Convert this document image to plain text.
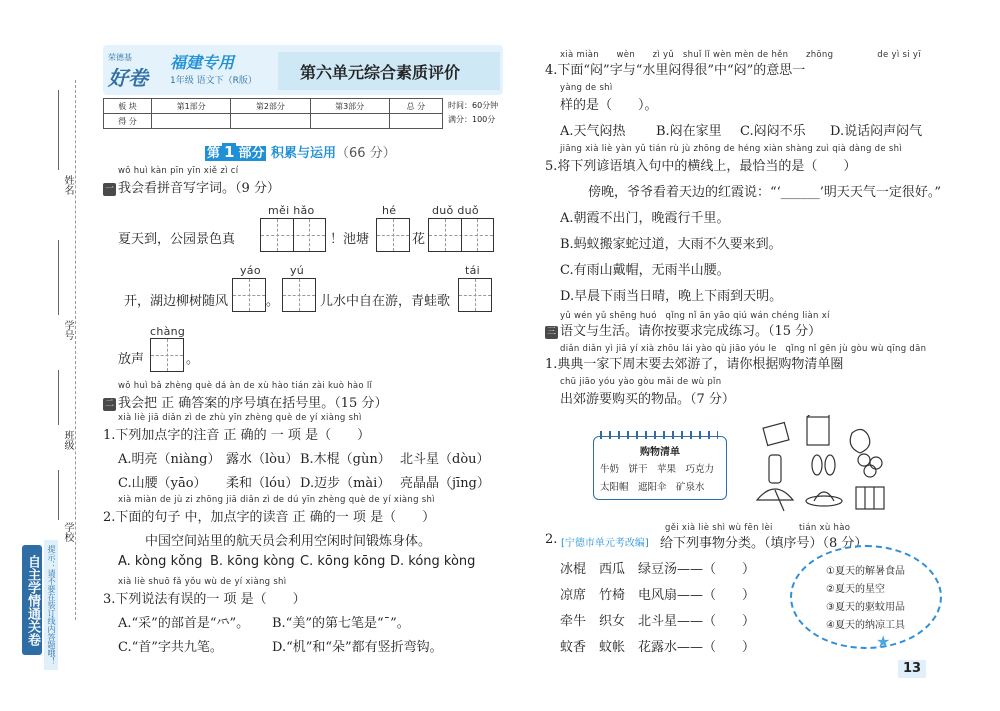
姓名
学号
班级
学校
自主学情通关卷 提示：请不要在装订线内答题哦！
荣德基
好卷
福建专用
1年级 语文下（R版）	第六单元综合素质评价
板 块	第1部分	第2部分	第3部分	总 分
得 分				
时间：60分钟
满分：100分
第 1 部分 积累与运用（66 分）
wǒ huì kàn pīn yīn xiě zì cí
一 我会看拼音写字词。（9 分）
měi hǎo	hé	duǒ duǒ
夏天到，公园景色真	！池塘	花
yáo	yú	tái
开，湖边柳树随风	。	儿水中自在游，青蛙歌
chàng
放声	。
wǒ huì bǎ zhèng què dá àn de xù hào tián zài kuò hào lǐ
二 我会把 正 确答案的序号填在括号里。（15 分）
xià liè jiā diǎn zì de zhù yīn zhèng què de yí xiàng shì
1.下列加点字的注音 正 确的 一 项 是（　　）
A.明亮（niàng） 露水（lòu） B.木棍（gùn） 北斗星（dòu）
C.山腰（yāo） 柔和（lóu） D.迈步（mài） 亮晶晶（jīng）
xià miàn de jù zi zhōng jiā diǎn zì de dú yīn zhèng què de yí xiàng shì
2.下面的句子 中，加点字的读音 正 确的一 项 是（　　）
中国空间站里的航天员会利用空闲时间锻炼身体。
A. kòng kǒng B. kōng kòng C. kōng kōng D. kóng kòng
xià liè shuō fǎ yǒu wù de yí xiàng shì
3.下列说法有误的一 项 是（　　）
A.“采”的部首是“⺤”。 B.“美”的第七笔是“ˉ”。
C.“首”字共九笔。	D.“机”和“朵”都有竖折弯钩。
xià miàn　　wèn　　zì yǔ　shuǐ lǐ wèn mèn de hěn　　zhōng　　　　　de yì si yī
4.下面“闷”字与“水里闷得很”中“闷”的意思一
yàng de shì
样的是（　　）。
A.天气闷热 B.闷在家里 C.闷闷不乐 D.说话闷声闷气
jiāng xià liè yàn yǔ tián rù jù zhōng de héng xiàn shàng zuì qià dàng de shì
5.将下列谚语填入句中的横线上，最恰当的是（　　）
傍晚，爷爷看着天边的红霞说：“‘______’明天天气一定很好。”
A.朝霞不出门，晚霞行千里。
B.蚂蚁搬家蛇过道，大雨不久要来到。
C.有雨山戴帽，无雨半山腰。
D.早晨下雨当日晴，晚上下雨到天明。
yǔ wén yǔ shēng huó　qǐng nǐ ān yāo qiú wán chéng liàn xí
三 语文与生活。请你按要求完成练习。（15 分）
diǎn diǎn yì jiā yí xià zhōu lái yào qù jiāo yóu le　qǐng nǐ gēn jù gòu wù qīng dān
1.典典一家下周末要去郊游了，请你根据购物清单圈
chū jiāo yóu yào gòu mǎi de wù pǐn
出郊游要购买的物品。（7 分）
购物清单
牛奶　饼干　苹果　巧克力
太阳帽　遮阳伞　矿泉水
gěi xià liè shì wù fēn lèi　　　tián xù hào
2. [宁德市单元考改编] 给下列事物分类。（填序号）（8 分）
冰棍　西瓜　绿豆汤——（　　）
凉席　竹椅　电风扇——（　　）
牵牛　织女　北斗星——（　　）
蚊香　蚊帐　花露水——（　　）
①夏天的解暑食品
②夏天的星空
③夏天的驱蚊用品
④夏天的纳凉工具
★
13
